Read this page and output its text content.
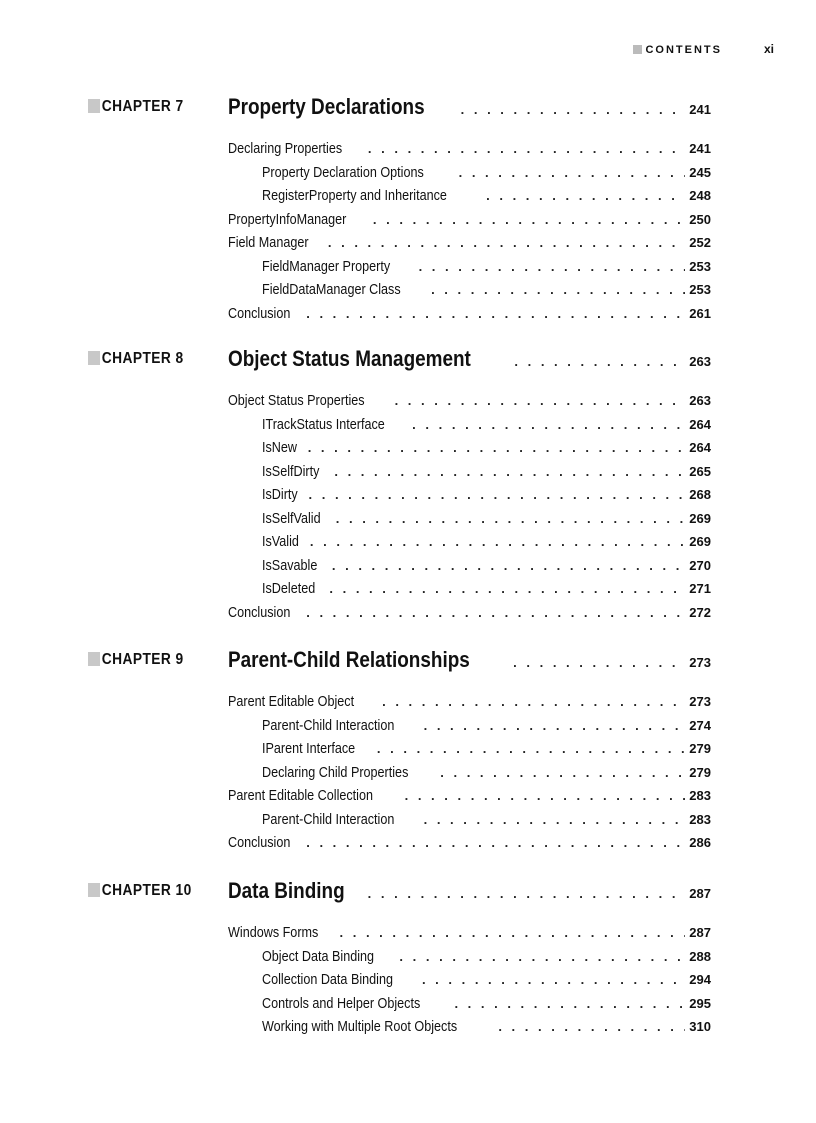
CONTENTS	xi
CHAPTER 7 Property Declarations . . .	241
Declaring Properties . . .	241
Property Declaration Options . . .	245
RegisterProperty and Inheritance . . .	248
PropertyInfoManager . . .	250
Field Manager . . .	252
FieldManager Property . . .	253
FieldDataManager Class . . .	253
Conclusion . . .	261
CHAPTER 8 Object Status Management . . .	263
Object Status Properties . . .	263
ITrackStatus Interface . . .	264
IsNew . . .	264
IsSelfDirty . . .	265
IsDirty . . .	268
IsSelfValid . . .	269
IsValid . . .	269
IsSavable . . .	270
IsDeleted . . .	271
Conclusion . . .	272
CHAPTER 9 Parent-Child Relationships . . .	273
Parent Editable Object . . .	273
Parent-Child Interaction . . .	274
IParent Interface . . .	279
Declaring Child Properties . . .	279
Parent Editable Collection . . .	283
Parent-Child Interaction . . .	283
Conclusion . . .	286
CHAPTER 10 Data Binding . . .	287
Windows Forms . . .	287
Object Data Binding . . .	288
Collection Data Binding . . .	294
Controls and Helper Objects . . .	295
Working with Multiple Root Objects . . .	310
